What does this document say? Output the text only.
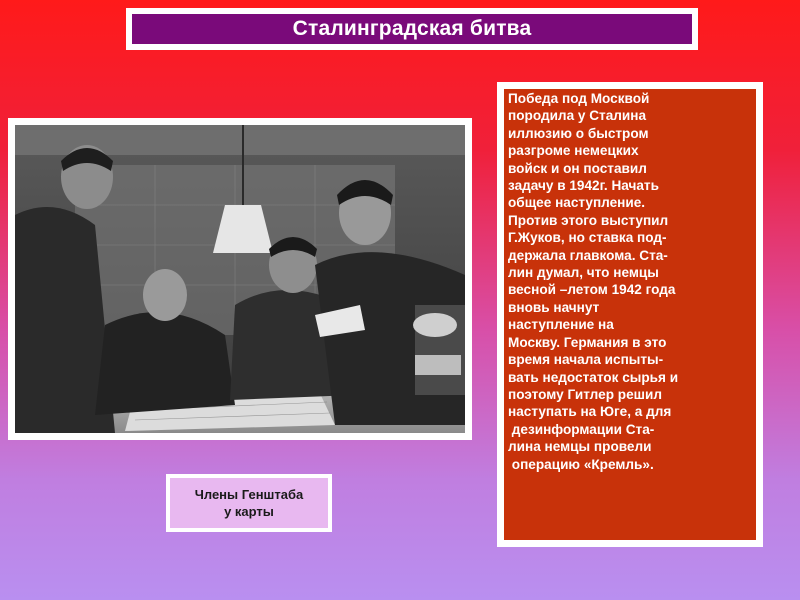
Сталинградская битва
Члены Генштаба
у карты
Победа под Москвой
породила у Сталина
иллюзию о быстром
разгроме немецких
войск и он поставил
задачу в 1942г. Начать
общее наступление.
Против этого выступил
Г.Жуков, но ставка под-
держала главкома. Ста-
лин думал, что немцы
весной –летом 1942 года
вновь начнут
наступление на
Москву. Германия в это
время начала испыты-
вать недостаток сырья и
поэтому Гитлер решил
наступать на Юге, а для
дезинформации Ста-
лина немцы провели
операцию «Кремль».
